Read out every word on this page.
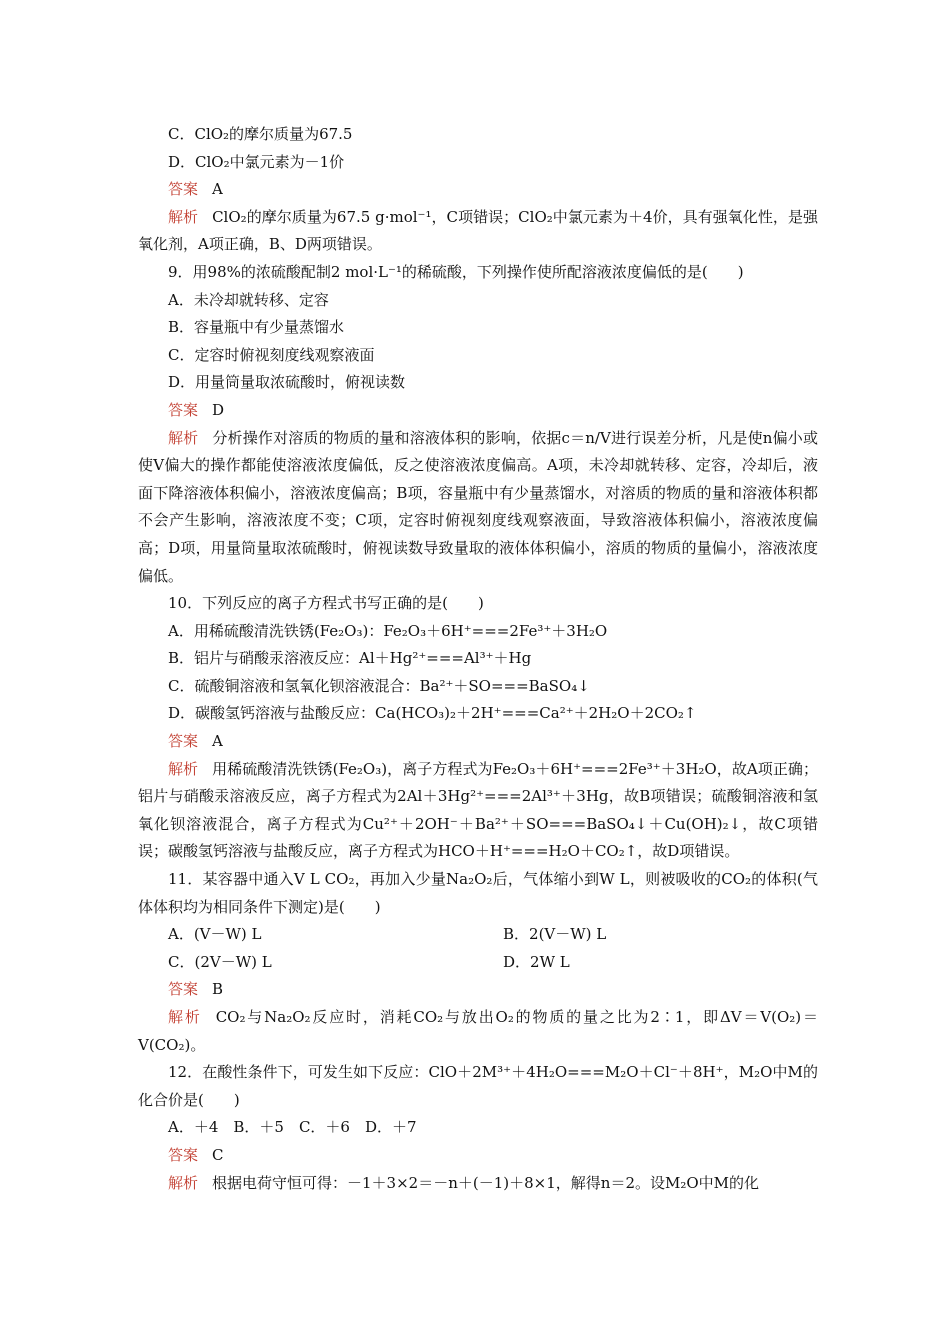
C．ClO₂的摩尔质量为67.5
D．ClO₂中氯元素为－1价
答案 A
解析 ClO₂的摩尔质量为67.5 g·mol⁻¹，C项错误；ClO₂中氯元素为＋4价，具有强氧化性，是强氧化剂，A项正确，B、D两项错误。
9．用98%的浓硫酸配制2 mol·L⁻¹的稀硫酸，下列操作使所配溶液浓度偏低的是(　　)
A．未冷却就转移、定容
B．容量瓶中有少量蒸馏水
C．定容时俯视刻度线观察液面
D．用量筒量取浓硫酸时，俯视读数
答案 D
解析 分析操作对溶质的物质的量和溶液体积的影响，依据c＝n/V进行误差分析，凡是使n偏小或使V偏大的操作都能使溶液浓度偏低，反之使溶液浓度偏高。A项，未冷却就转移、定容，冷却后，液面下降溶液体积偏小，溶液浓度偏高；B项，容量瓶中有少量蒸馏水，对溶质的物质的量和溶液体积都不会产生影响，溶液浓度不变；C项，定容时俯视刻度线观察液面，导致溶液体积偏小，溶液浓度偏高；D项，用量筒量取浓硫酸时，俯视读数导致量取的液体体积偏小，溶质的物质的量偏小，溶液浓度偏低。
10．下列反应的离子方程式书写正确的是(　　)
A．用稀硫酸清洗铁锈(Fe₂O₃)：Fe₂O₃＋6H⁺===2Fe³⁺＋3H₂O
B．铝片与硝酸汞溶液反应：Al＋Hg²⁺===Al³⁺＋Hg
C．硫酸铜溶液和氢氧化钡溶液混合：Ba²⁺＋SO===BaSO₄↓
D．碳酸氢钙溶液与盐酸反应：Ca(HCO₃)₂＋2H⁺===Ca²⁺＋2H₂O＋2CO₂↑
答案 A
解析 用稀硫酸清洗铁锈(Fe₂O₃)，离子方程式为Fe₂O₃＋6H⁺===2Fe³⁺＋3H₂O，故A项正确；铝片与硝酸汞溶液反应，离子方程式为2Al＋3Hg²⁺===2Al³⁺＋3Hg，故B项错误；硫酸铜溶液和氢氧化钡溶液混合，离子方程式为Cu²⁺＋2OH⁻＋Ba²⁺＋SO===BaSO₄↓＋Cu(OH)₂↓，故C项错误；碳酸氢钙溶液与盐酸反应，离子方程式为HCO＋H⁺===H₂O＋CO₂↑，故D项错误。
11．某容器中通入V L CO₂，再加入少量Na₂O₂后，气体缩小到W L，则被吸收的CO₂的体积(气体体积均为相同条件下测定)是(　　)
A．(V－W) L	B．2(V－W) L
C．(2V－W) L	D．2W L
答案 B
解析 CO₂与Na₂O₂反应时，消耗CO₂与放出O₂的物质的量之比为2∶1，即ΔV＝V(O₂)＝V(CO₂)。
12．在酸性条件下，可发生如下反应：ClO＋2M³⁺＋4H₂O===M₂O＋Cl⁻＋8H⁺，M₂O中M的化合价是(　　)
A．＋4　B．＋5　C．＋6　D．＋7
答案 C
解析 根据电荷守恒可得：－1＋3×2＝－n＋(－1)＋8×1，解得n＝2。设M₂O中M的化
